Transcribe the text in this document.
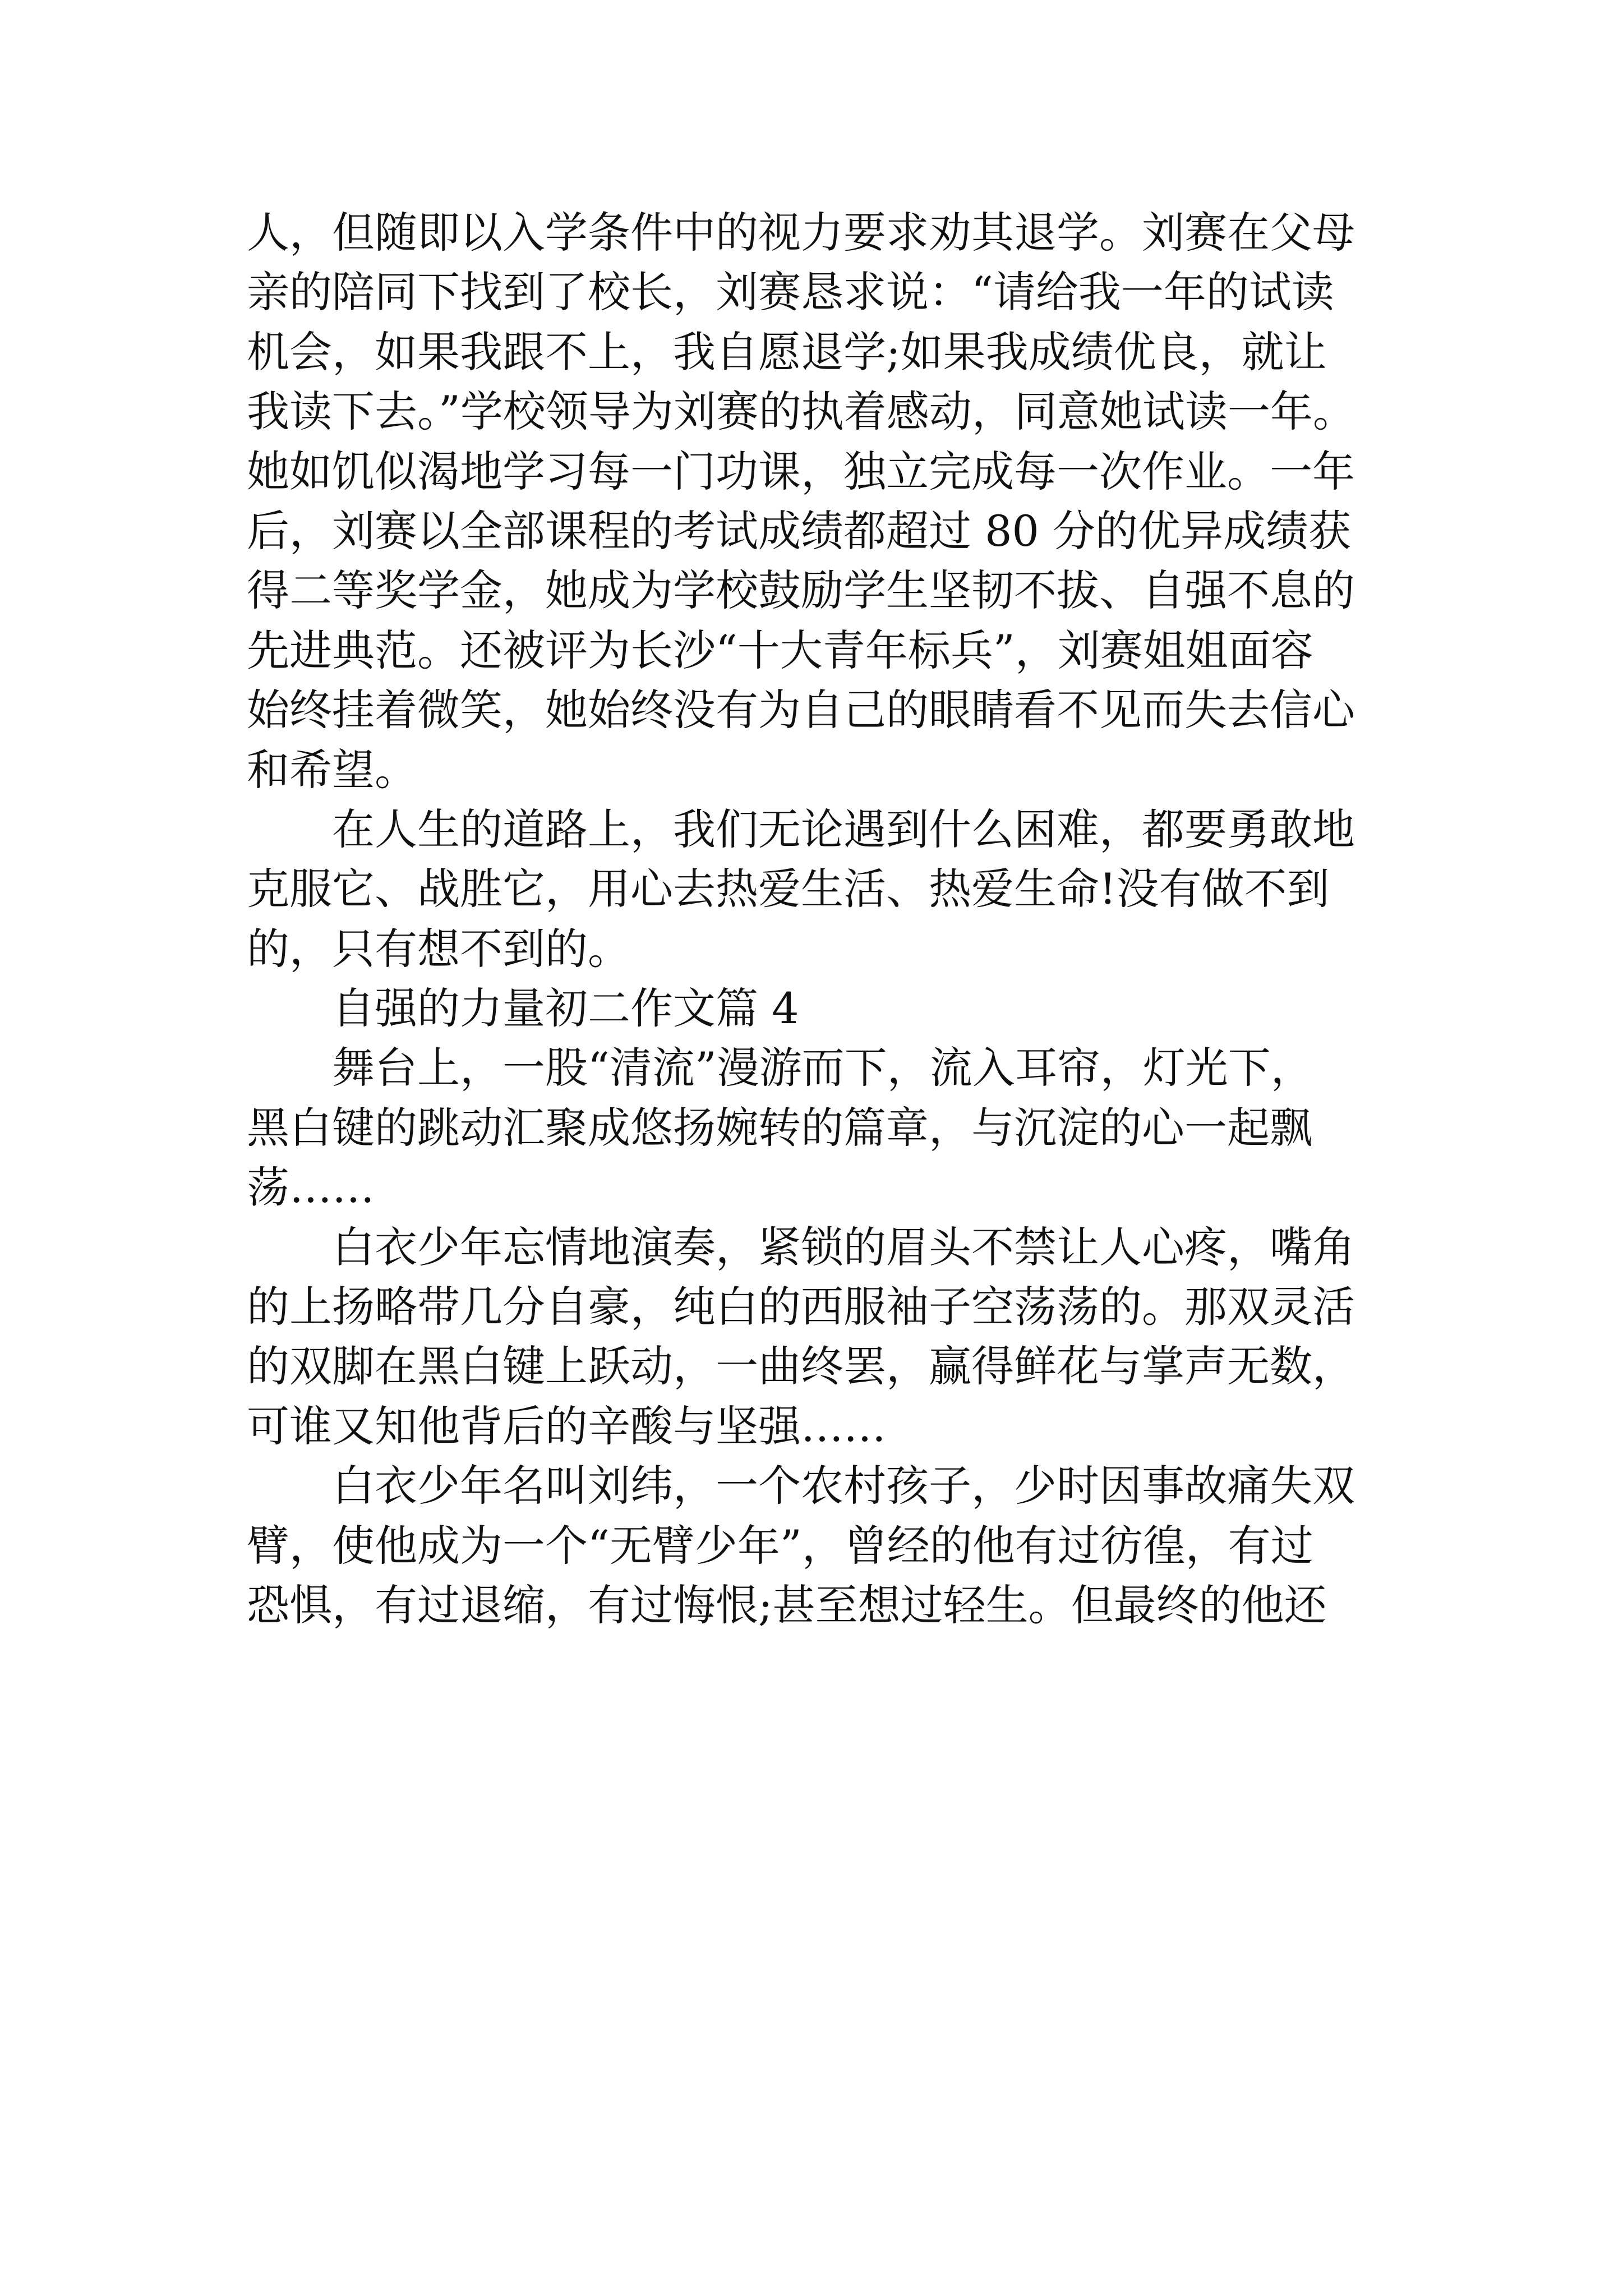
人，但随即以入学条件中的视力要求劝其退学。刘赛在父母
亲的陪同下找到了校长，刘赛恳求说：“请给我一年的试读
机会，如果我跟不上，我自愿退学;如果我成绩优良，就让
我读下去。”学校领导为刘赛的执着感动，同意她试读一年。
她如饥似渴地学习每一门功课，独立完成每一次作业。一年
后，刘赛以全部课程的考试成绩都超过 80 分的优异成绩获
得二等奖学金，她成为学校鼓励学生坚韧不拔、自强不息的
先进典范。还被评为长沙“十大青年标兵”，刘赛姐姐面容
始终挂着微笑，她始终没有为自己的眼睛看不见而失去信心
和希望。
在人生的道路上，我们无论遇到什么困难，都要勇敢地
克服它、战胜它，用心去热爱生活、热爱生命!没有做不到
的，只有想不到的。
自强的力量初二作文篇 4
舞台上，一股“清流”漫游而下，流入耳帘，灯光下，
黑白键的跳动汇聚成悠扬婉转的篇章，与沉淀的心一起飘
荡……
白衣少年忘情地演奏，紧锁的眉头不禁让人心疼，嘴角
的上扬略带几分自豪，纯白的西服袖子空荡荡的。那双灵活
的双脚在黑白键上跃动，一曲终罢，赢得鲜花与掌声无数，
可谁又知他背后的辛酸与坚强……
白衣少年名叫刘纬，一个农村孩子，少时因事故痛失双
臂，使他成为一个“无臂少年”，曾经的他有过彷徨，有过
恐惧，有过退缩，有过悔恨;甚至想过轻生。但最终的他还
